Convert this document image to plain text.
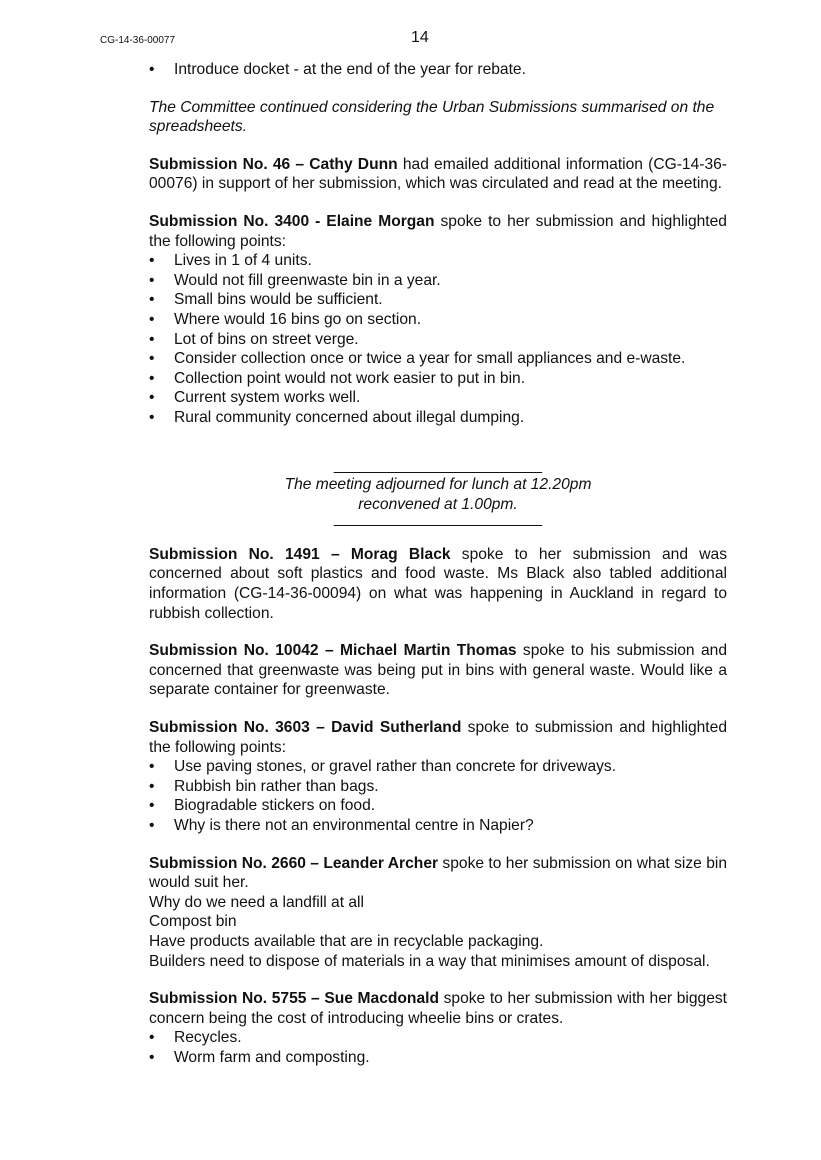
CG-14-36-00077	14
• Introduce docket - at the end of the year for rebate.

The Committee continued considering the Urban Submissions summarised on the spreadsheets.

Submission No. 46 – Cathy Dunn had emailed additional information (CG-14-36-00076) in support of her submission, which was circulated and read at the meeting.

Submission No. 3400 - Elaine Morgan spoke to her submission and highlighted the following points:

• Lives in 1 of 4 units.
• Would not fill greenwaste bin in a year.
• Small bins would be sufficient.
• Where would 16 bins go on section.
• Lot of bins on street verge.
• Consider collection once or twice a year for small appliances and e-waste.
• Collection point would not work easier to put in bin.
• Current system works well.
• Rural community concerned about illegal dumping.

________________________

The meeting adjourned for lunch at 12.20pm

reconvened at 1.00pm.

________________________

Submission No. 1491 – Morag Black spoke to her submission and was concerned about soft plastics and food waste. Ms Black also tabled additional information (CG-14-36-00094) on what was happening in Auckland in regard to rubbish collection.

Submission No. 10042 – Michael Martin Thomas spoke to his submission and concerned that greenwaste was being put in bins with general waste. Would like a separate container for greenwaste.

Submission No. 3603 – David Sutherland spoke to submission and highlighted the following points:

• Use paving stones, or gravel rather than concrete for driveways.
• Rubbish bin rather than bags.
• Biogradable stickers on food.
• Why is there not an environmental centre in Napier?

Submission No. 2660 – Leander Archer spoke to her submission on what size bin would suit her.

Why do we need a landfill at all

Compost bin

Have products available that are in recyclable packaging.

Builders need to dispose of materials in a way that minimises amount of disposal.

Submission No. 5755 – Sue Macdonald spoke to her submission with her biggest concern being the cost of introducing wheelie bins or crates.

• Recycles.
• Worm farm and composting.
